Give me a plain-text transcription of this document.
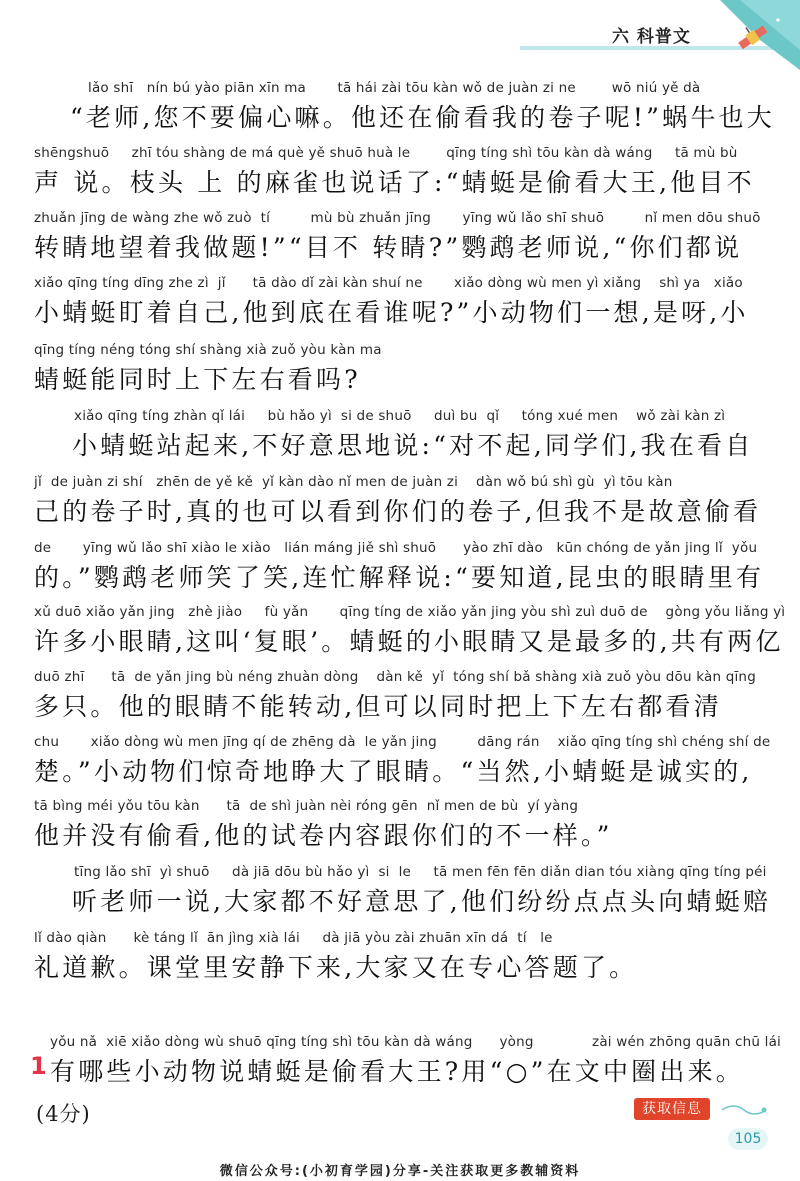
六 科普文
lǎo shī   nín bú yào piān xīn ma       tā hái zài tōu kàn wǒ de juàn zi ne        wō niú yě dà
“老师,您不要偏心嘛。他还在偷看我的卷子呢!”蜗牛也大
shēngshuō     zhī tóu shàng de má què yě shuō huà le        qīng tíng shì tōu kàn dà wáng     tā mù bù
声 说。枝头 上 的麻雀也说话了:“蜻蜓是偷看大王,他目不
zhuǎn jīng de wàng zhe wǒ zuò  tí         mù bù zhuǎn jīng       yīng wǔ lǎo shī shuō         nǐ men dōu shuō
转睛地望着我做题!”“目不 转睛?”鹦鹉老师说,“你们都说
xiǎo qīng tíng dīng zhe zì  jǐ      tā dào dǐ zài kàn shuí ne       xiǎo dòng wù men yì xiǎng    shì ya   xiǎo
小蜻蜓盯着自己,他到底在看谁呢?”小动物们一想,是呀,小
qīng tíng néng tóng shí shàng xià zuǒ yòu kàn ma
蜻蜓能同时上下左右看吗?
xiǎo qīng tíng zhàn qǐ lái     bù hǎo yì  si de shuō     duì bu  qǐ     tóng xué men    wǒ zài kàn zì
小蜻蜓站起来,不好意思地说:“对不起,同学们,我在看自
jǐ  de juàn zi shí   zhēn de yě kě  yǐ kàn dào nǐ men de juàn zi    dàn wǒ bú shì gù  yì tōu kàn
己的卷子时,真的也可以看到你们的卷子,但我不是故意偷看
de       yīng wǔ lǎo shī xiào le xiào   lián máng jiě shì shuō      yào zhī dào   kūn chóng de yǎn jing lǐ  yǒu
的。”鹦鹉老师笑了笑,连忙解释说:“要知道,昆虫的眼睛里有
xǔ duō xiǎo yǎn jing   zhè jiào     fù yǎn       qīng tíng de xiǎo yǎn jing yòu shì zuì duō de    gòng yǒu liǎng yì
许多小眼睛,这叫‘复眼’。蜻蜓的小眼睛又是最多的,共有两亿
duō zhī      tā  de yǎn jing bù néng zhuàn dòng    dàn kě  yǐ  tóng shí bǎ shàng xià zuǒ yòu dōu kàn qīng
多只。他的眼睛不能转动,但可以同时把上下左右都看清
chu       xiǎo dòng wù men jīng qí de zhēng dà  le yǎn jing         dāng rán    xiǎo qīng tíng shì chéng shí de
楚。”小动物们惊奇地睁大了眼睛。“当然,小蜻蜓是诚实的,
tā bìng méi yǒu tōu kàn      tā  de shì juàn nèi róng gēn  nǐ men de bù  yí yàng
他并没有偷看,他的试卷内容跟你们的不一样。”
tīng lǎo shī  yì shuō     dà jiā dōu bù hǎo yì  si  le     tā men fēn fēn diǎn dian tóu xiàng qīng tíng péi
听老师一说,大家都不好意思了,他们纷纷点点头向蜻蜓赔
lǐ dào qiàn      kè táng lǐ  ān jìng xià lái     dà jiā yòu zài zhuān xīn dá  tí   le
礼道歉。课堂里安静下来,大家又在专心答题了。
yǒu nǎ  xiē xiǎo dòng wù shuō qīng tíng shì tōu kàn dà wáng      yòng             zài wén zhōng quān chū lái
1 有哪些小动物说蜻蜓是偷看大王?用“○”在文中圈出来。
(4分)	获取信息
105
微信公众号:(小初育学园)分享-关注获取更多教辅资料
